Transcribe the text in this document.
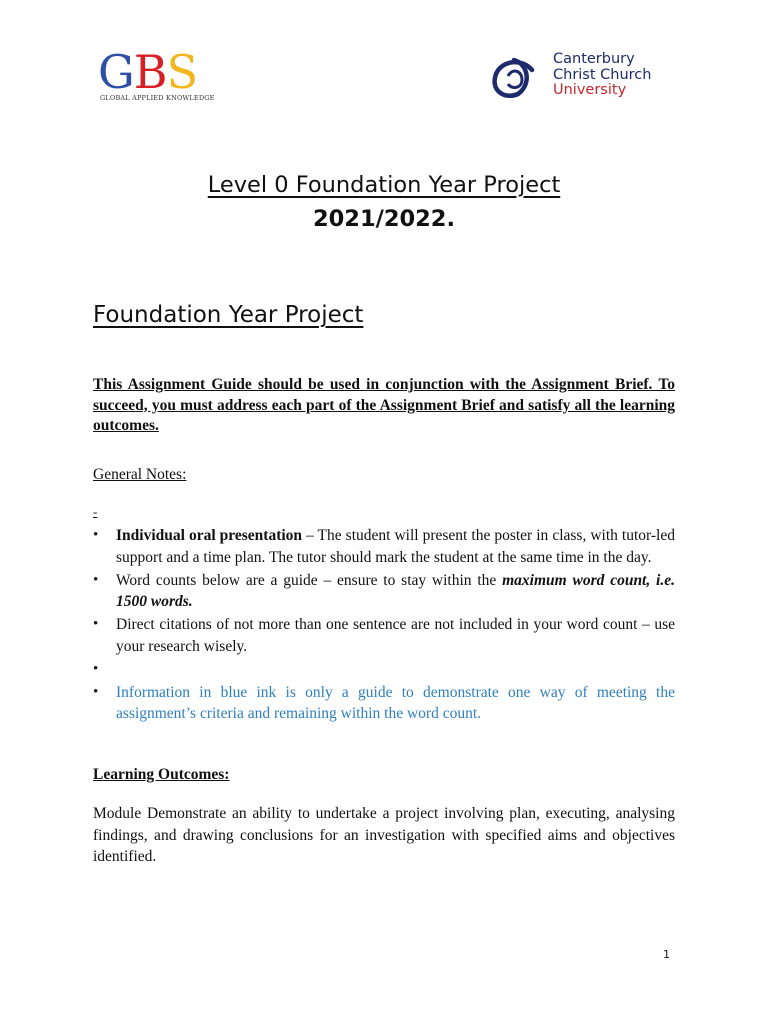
GBS
GLOBAL APPLIED KNOWLEDGE
Canterbury
Christ Church
University
Level 0 Foundation Year Project
2021/2022.
Foundation Year Project
This Assignment Guide should be used in conjunction with the Assignment Brief. To succeed, you must address each part of the Assignment Brief and satisfy all the learning outcomes.
General Notes:
-
•	Individual oral presentation – The student will present the poster in class, with tutor-led support and a time plan. The tutor should mark the student at the same time in the day.
•	Word counts below are a guide – ensure to stay within the maximum word count, i.e. 1500 words.
•	Direct citations of not more than one sentence are not included in your word count – use your research wisely.
•
•	Information in blue ink is only a guide to demonstrate one way of meeting the assignment’s criteria and remaining within the word count.
Learning Outcomes:
Module Demonstrate an ability to undertake a project involving plan, executing, analysing findings, and drawing conclusions for an investigation with specified aims and objectives identified.
1
